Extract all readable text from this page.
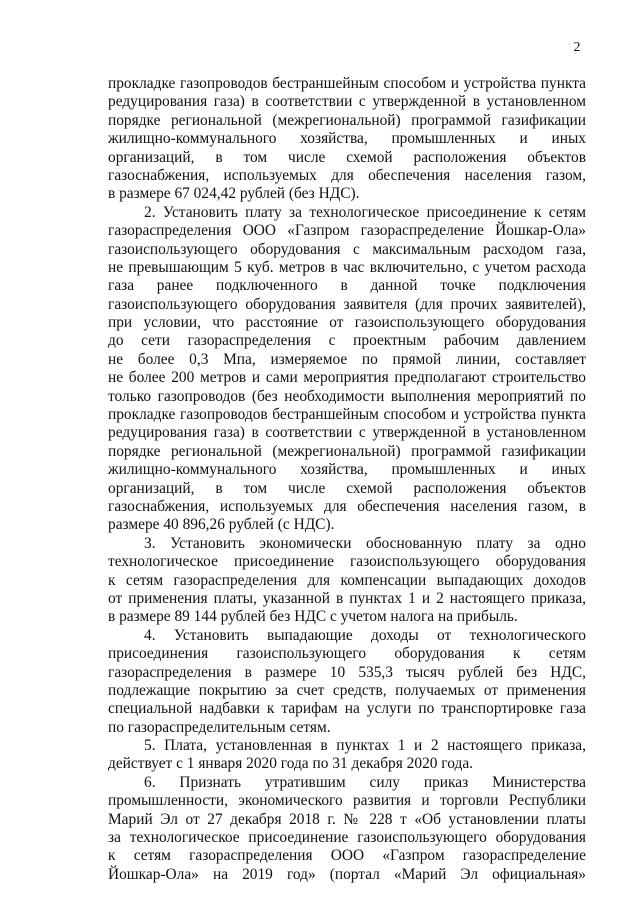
2
прокладке газопроводов бестраншейным способом и устройства пункта
редуцирования газа) в соответствии с утвержденной в установленном
порядке региональной (межрегиональной) программой газификации
жилищно-коммунального хозяйства, промышленных и иных
организаций, в том числе схемой расположения объектов
газоснабжения, используемых для обеспечения населения газом,
в размере 67 024,42 рублей (без НДС).
2. Установить плату за технологическое присоединение к сетям
газораспределения ООО «Газпром газораспределение Йошкар-Ола»
газоиспользующего оборудования с максимальным расходом газа,
не превышающим 5 куб. метров в час включительно, с учетом расхода
газа ранее подключенного в данной точке подключения
газоиспользующего оборудования заявителя (для прочих заявителей),
при условии, что расстояние от газоиспользующего оборудования
до сети газораспределения с проектным рабочим давлением
не более 0,3 Мпа, измеряемое по прямой линии, составляет
не более 200 метров и сами мероприятия предполагают строительство
только газопроводов (без необходимости выполнения мероприятий по
прокладке газопроводов бестраншейным способом и устройства пункта
редуцирования газа) в соответствии с утвержденной в установленном
порядке региональной (межрегиональной) программой газификации
жилищно-коммунального хозяйства, промышленных и иных
организаций, в том числе схемой расположения объектов
газоснабжения, используемых для обеспечения населения газом, в
размере 40 896,26 рублей (с НДС).
3. Установить экономически обоснованную плату за одно
технологическое присоединение газоиспользующего оборудования
к сетям газораспределения для компенсации выпадающих доходов
от применения платы, указанной в пунктах 1 и 2 настоящего приказа,
в размере 89 144 рублей без НДС с учетом налога на прибыль.
4. Установить выпадающие доходы от технологического
присоединения газоиспользующего оборудования к сетям
газораспределения в размере 10 535,3 тысяч рублей без НДС,
подлежащие покрытию за счет средств, получаемых от применения
специальной надбавки к тарифам на услуги по транспортировке газа
по газораспределительным сетям.
5. Плата, установленная в пунктах 1 и 2 настоящего приказа,
действует с 1 января 2020 года по 31 декабря 2020 года.
6. Признать утратившим силу приказ Министерства
промышленности, экономического развития и торговли Республики
Марий Эл от 27 декабря 2018 г. № 228 т «Об установлении платы
за технологическое присоединение газоиспользующего оборудования
к сетям газораспределения ООО «Газпром газораспределение
Йошкар-Ола» на 2019 год» (портал «Марий Эл официальная»
